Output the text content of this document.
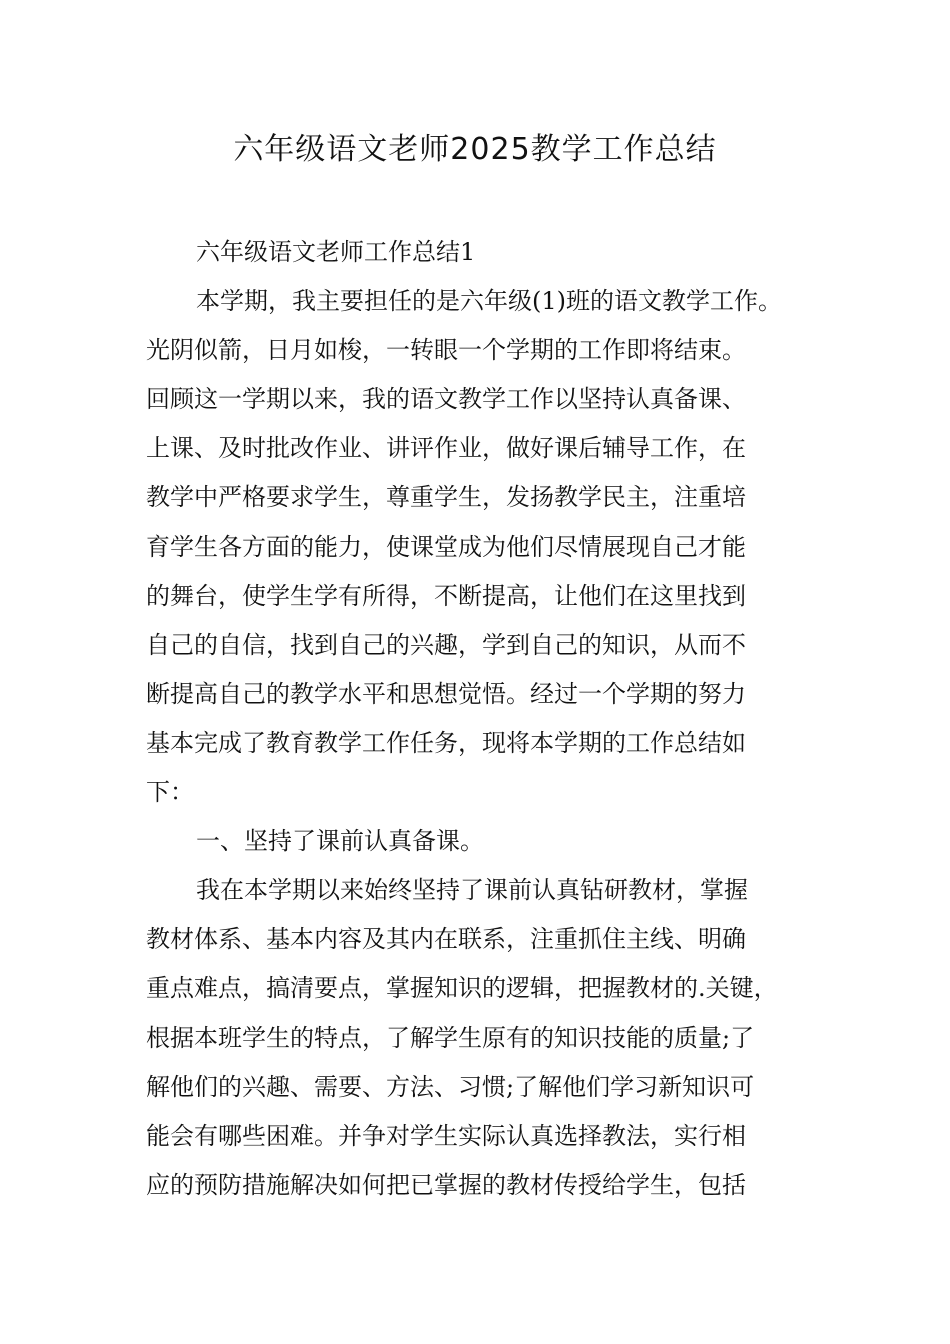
六年级语文老师2025教学工作总结
六年级语文老师工作总结1
本学期，我主要担任的是六年级(1)班的语文教学工作。
光阴似箭，日月如梭，一转眼一个学期的工作即将结束。
回顾这一学期以来，我的语文教学工作以坚持认真备课、
上课、及时批改作业、讲评作业，做好课后辅导工作，在
教学中严格要求学生，尊重学生，发扬教学民主，注重培
育学生各方面的能力，使课堂成为他们尽情展现自己才能
的舞台，使学生学有所得，不断提高，让他们在这里找到
自己的自信，找到自己的兴趣，学到自己的知识，从而不
断提高自己的教学水平和思想觉悟。经过一个学期的努力
基本完成了教育教学工作任务，现将本学期的工作总结如
下：
一、坚持了课前认真备课。
我在本学期以来始终坚持了课前认真钻研教材，掌握
教材体系、基本内容及其内在联系，注重抓住主线、明确
重点难点，搞清要点，掌握知识的逻辑，把握教材的.关键，
根据本班学生的特点，了解学生原有的知识技能的质量;了
解他们的兴趣、需要、方法、习惯;了解他们学习新知识可
能会有哪些困难。并争对学生实际认真选择教法，实行相
应的预防措施解决如何把已掌握的教材传授给学生，包括
